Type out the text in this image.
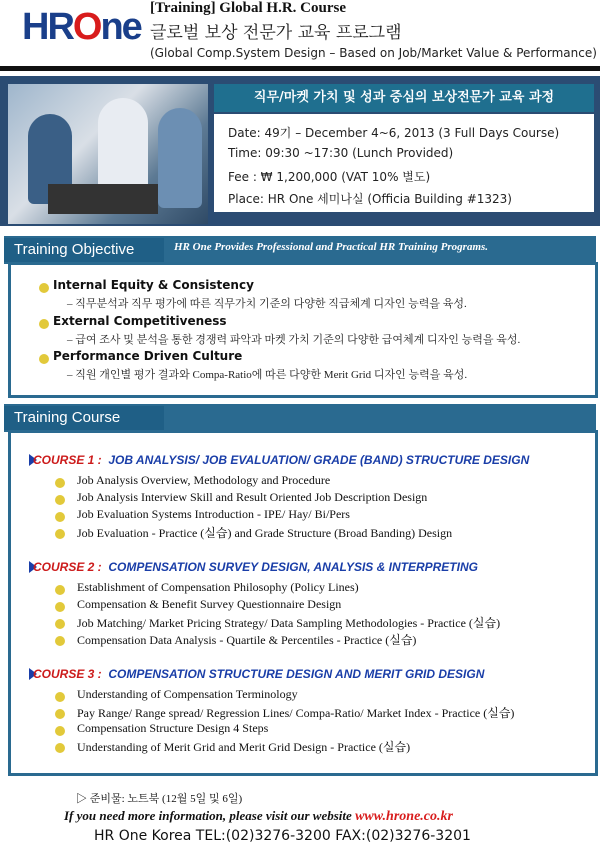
HROne [Training] Global H.R. Course
글로벌 보상 전문가 교육 프로그램
(Global Comp.System Design – Based on Job/Market Value & Performance)
직무/마켓 가치 및 성과 중심의 보상전문가 교육 과정
Date: 49기 – December 4~6, 2013 (3 Full Days Course)
Time: 09:30 ~17:30 (Lunch Provided)
Fee : ₩ 1,200,000 (VAT 10% 별도)
Place: HR One 세미나실 (Officia Building #1323)
Training Objective	HR One Provides Professional and Practical HR Training Programs.
Internal Equity & Consistency
– 직무분석과 직무 평가에 따른 직무가치 기준의 다양한 직급체계 디자인 능력을 육성.
External Competitiveness
– 급여 조사 및 분석을 통한 경쟁력 파악과 마켓 가치 기준의 다양한 급여체계 디자인 능력을 육성.
Performance Driven Culture
– 직원 개인별 평가 결과와 Compa-Ratio에 따른 다양한 Merit Grid 디자인 능력을 육성.
Training Course
COURSE 1 : JOB ANALYSIS/ JOB EVALUATION/ GRADE (BAND) STRUCTURE DESIGN
Job Analysis Overview, Methodology and Procedure
Job Analysis Interview Skill and Result Oriented Job Description Design
Job Evaluation Systems Introduction - IPE/ Hay/ Bi/Pers
Job Evaluation - Practice (실습) and Grade Structure (Broad Banding) Design
COURSE 2 : COMPENSATION SURVEY DESIGN, ANALYSIS & INTERPRETING
Establishment of Compensation Philosophy (Policy Lines)
Compensation & Benefit Survey Questionnaire Design
Job Matching/ Market Pricing Strategy/ Data Sampling Methodologies - Practice (실습)
Compensation Data Analysis - Quartile & Percentiles - Practice (실습)
COURSE 3 : COMPENSATION STRUCTURE DESIGN AND MERIT GRID DESIGN
Understanding of Compensation Terminology
Pay Range/ Range spread/ Regression Lines/ Compa-Ratio/ Market Index - Practice (실습)
Compensation Structure Design 4 Steps
Understanding of Merit Grid and Merit Grid Design - Practice (실습)
▷ 준비물: 노트북 (12월 5일 및 6일)
If you need more information, please visit our website www.hrone.co.kr
HR One Korea TEL:(02)3276-3200 FAX:(02)3276-3201
